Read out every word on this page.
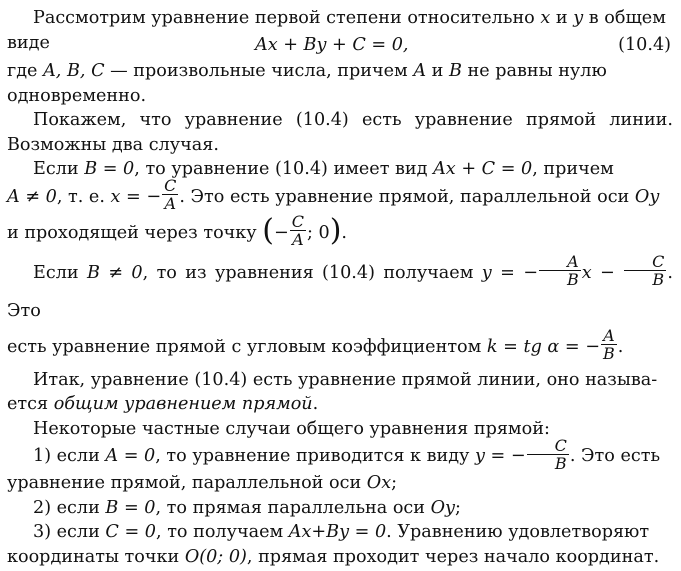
Рассмотрим уравнение первой степени относительно x и y в общем
виде	Ax + By + C = 0,	(10.4)

где A, B, C — произвольные числа, причем A и B не равны нулю
одновременно.

Покажем, что уравнение (10.4) есть уравнение прямой линии. Возможны два случая.

Если B = 0, то уравнение (10.4) имеет вид Ax + C = 0, причем

A ≠ 0, т. е. x = − $\frac{C}{A}$ . Это есть уравнение прямой, параллельной оси Oy

и проходящей через точку (− $\frac{C}{A}$ ; 0).

Если B ≠ 0, то из уравнения (10.4) получаем y = − $\frac{A}{B}$ $x - \frac{C}{B}$ . Это

есть уравнение прямой с угловым коэффициентом k = tg α = − $\frac{A}{B}$ .

Итак, уравнение (10.4) есть уравнение прямой линии, оно называ-
ется общим уравнением прямой.

Некоторые частные случаи общего уравнения прямой:

1) если A = 0, то уравнение приводится к виду y = − $\frac{C}{B}$ . Это есть

уравнение прямой, параллельной оси Ox;

2) если B = 0, то прямая параллельна оси Oy;

3) если C = 0, то получаем Ax+By = 0. Уравнению удовлетворяют
координаты точки O(0; 0), прямая проходит через начало координат.
